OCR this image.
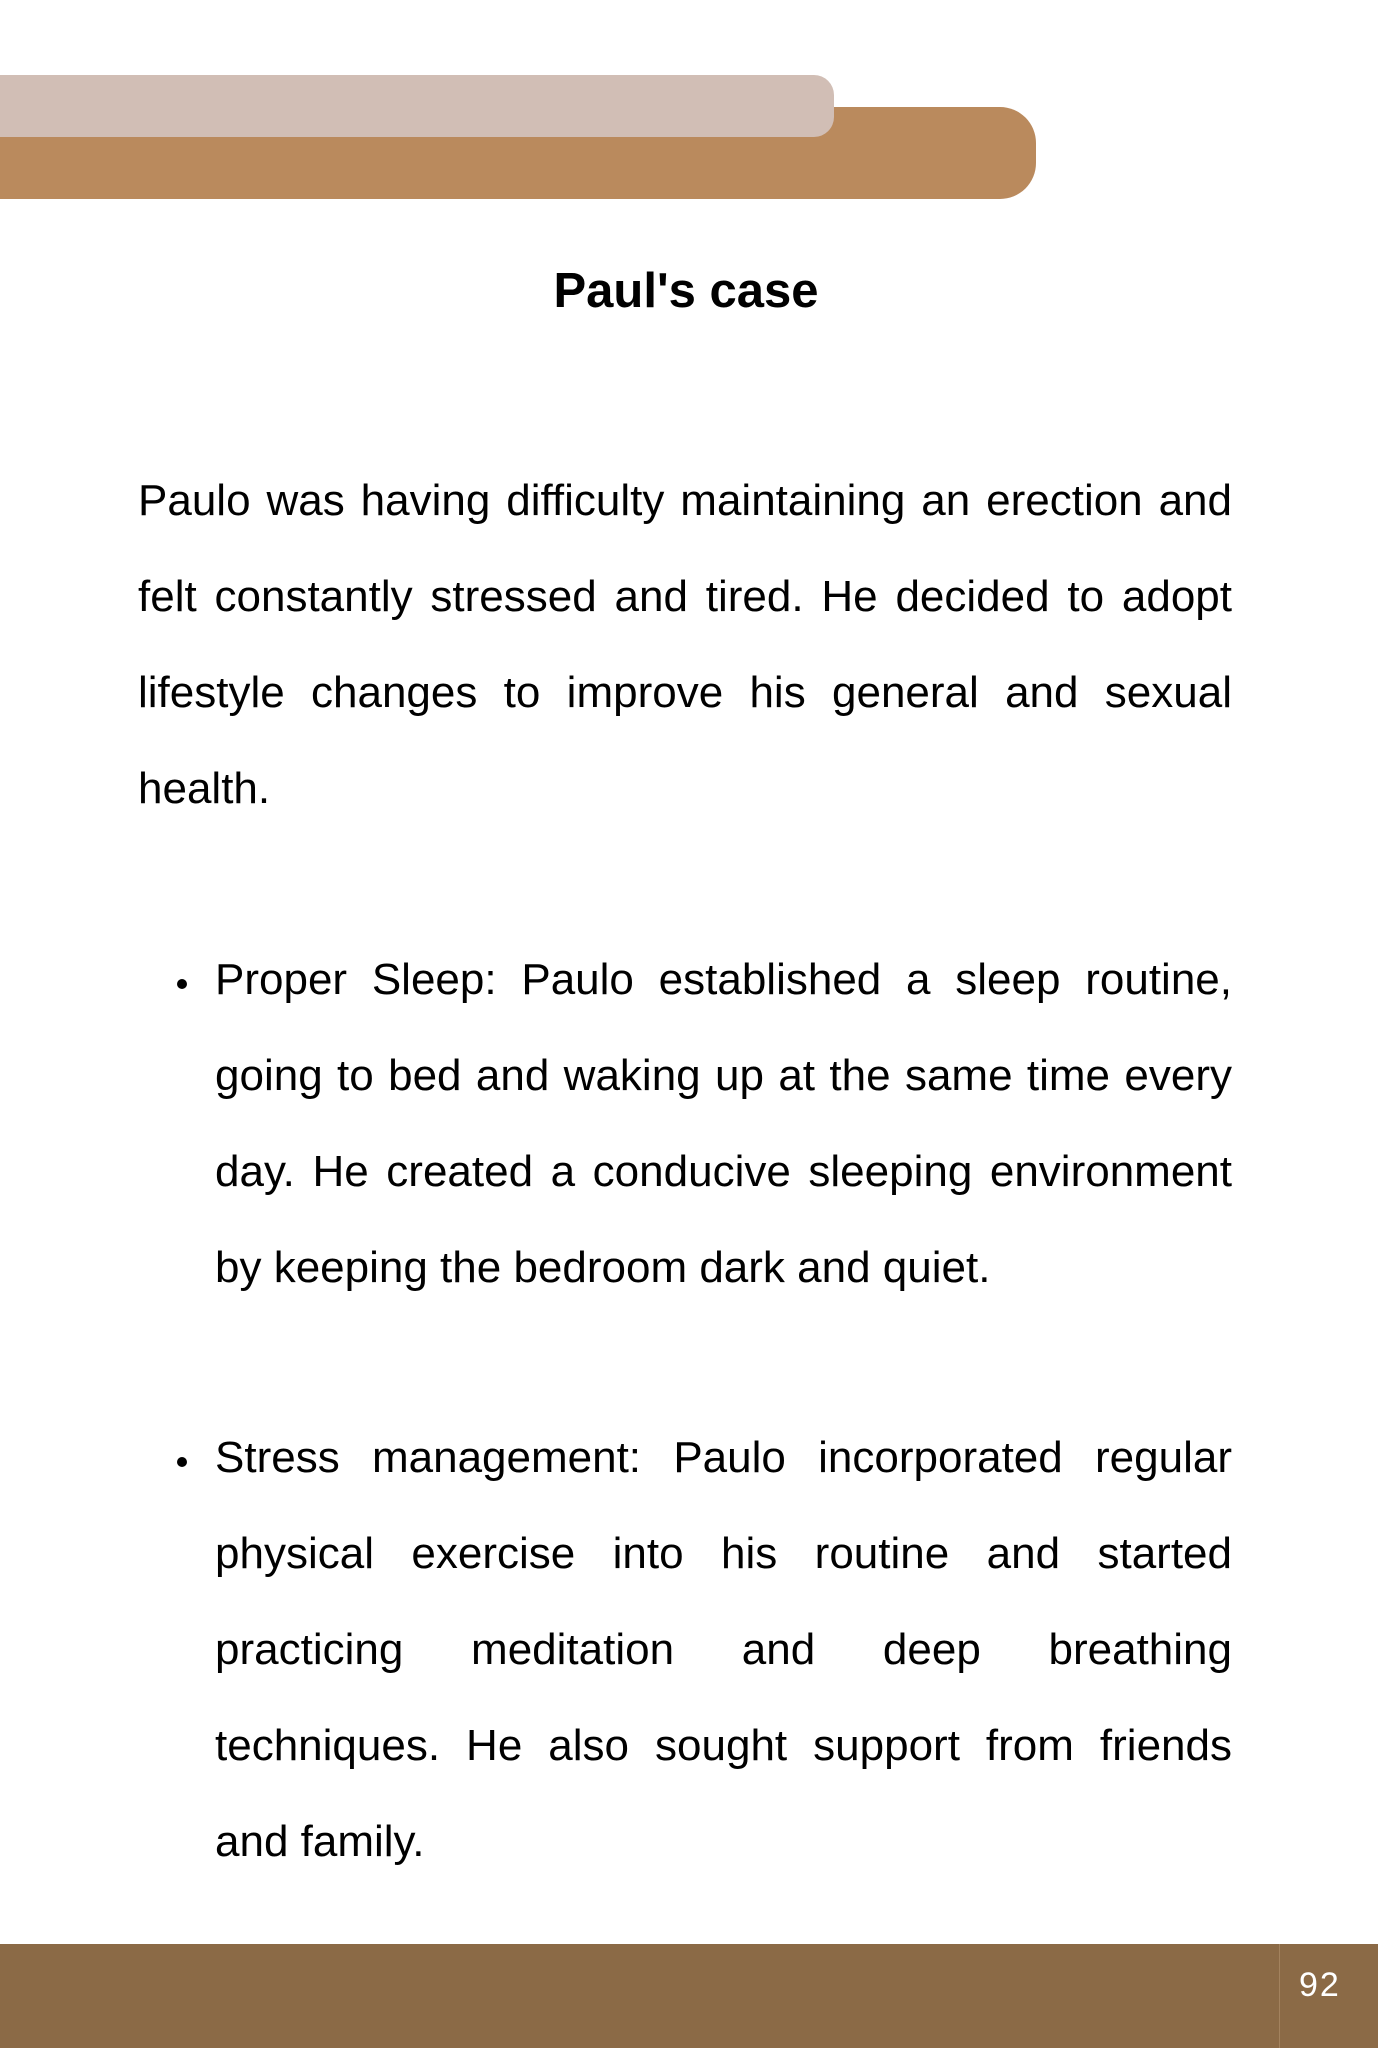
Paul's case
Paulo was having difficulty maintaining an erection and
felt constantly stressed and tired. He decided to adopt
lifestyle changes to improve his general and sexual
health.
Proper Sleep: Paulo established a sleep routine,
going to bed and waking up at the same time every
day. He created a conducive sleeping environment
by keeping the bedroom dark and quiet.
Stress management: Paulo incorporated regular
physical exercise into his routine and started
practicing meditation and deep breathing
techniques. He also sought support from friends
and family.
92
